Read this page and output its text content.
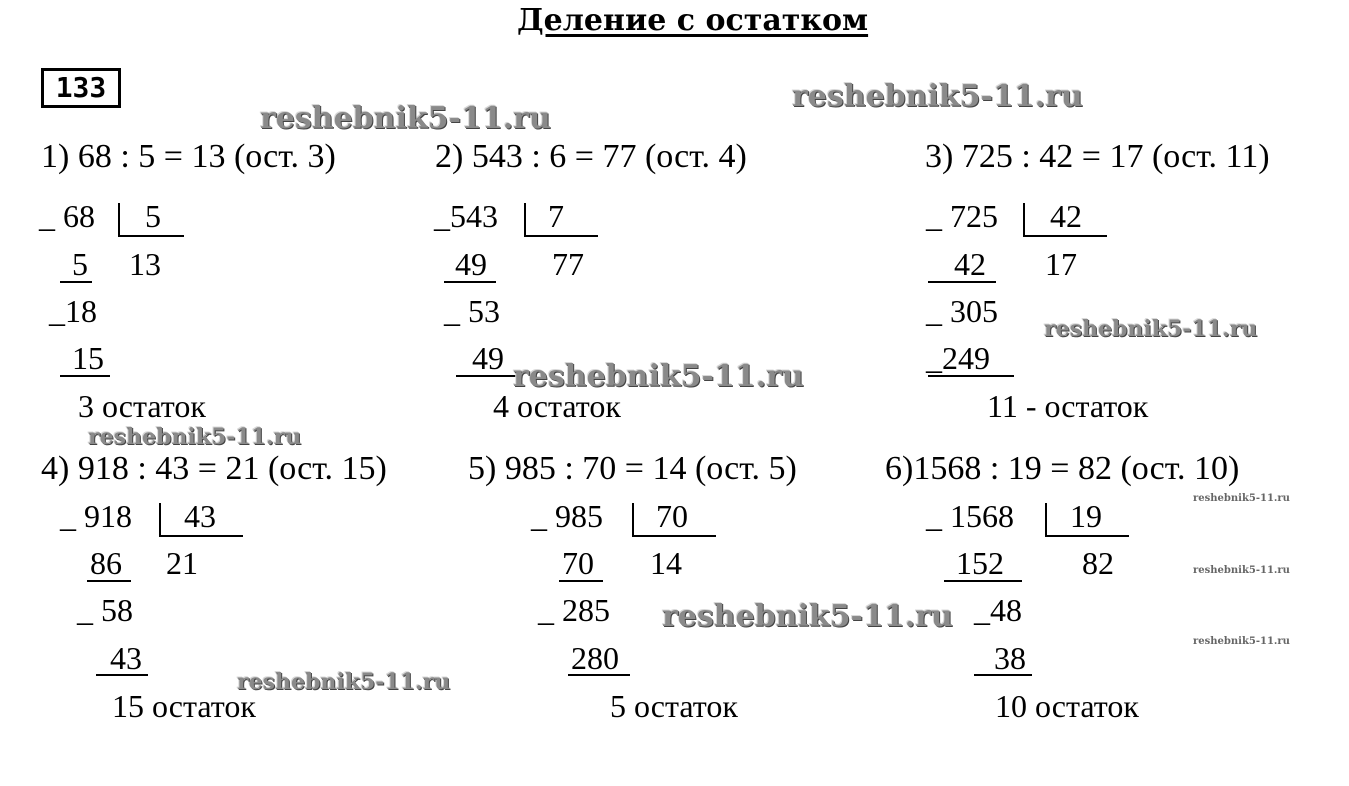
Деление с остатком
133
1) 68 : 5 = 13 (ост. 3)
_ 68 5
5 13
_18
15
3 остаток
2) 543 : 6 = 77 (ост. 4)
_543 7
49 77
_ 53
49
4 остаток
3) 725 : 42 = 17 (ост. 11)
_ 725 42
42 17
_ 305
_249
11 - остаток
4) 918 : 43 = 21 (ост. 15)
_ 918 43
86 21
_ 58
43
15 остаток
5) 985 : 70 = 14 (ост. 5)
_ 985 70
70 14
_ 285
280
5 остаток
6)1568 : 19 = 82 (ост. 10)
_ 1568 19
152 82
_48
38
10 остаток
reshebnik5-11.ru
reshebnik5-11.ru
reshebnik5-11.ru
reshebnik5-11.ru
reshebnik5-11.ru
reshebnik5-11.ru
reshebnik5-11.ru
reshebnik5-11.ru
reshebnik5-11.ru
reshebnik5-11.ru
